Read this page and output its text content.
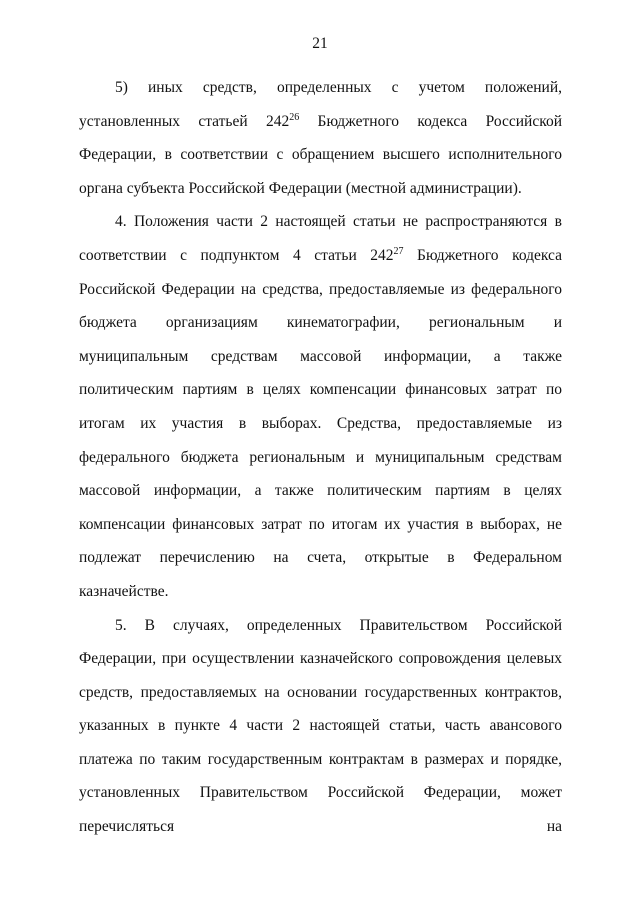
21

5) иных средств, определенных с учетом положений, установленных статьей $242^{26}$ Бюджетного кодекса Российской Федерации, в соответствии с обращением высшего исполнительного органа субъекта Российской Федерации (местной администрации).

4. Положения части 2 настоящей статьи не распространяются в соответствии с подпунктом 4 статьи $242^{27}$ Бюджетного кодекса Российской Федерации на средства, предоставляемые из федерального бюджета организациям кинематографии, региональным и муниципальным средствам массовой информации, а также политическим партиям в целях компенсации финансовых затрат по итогам их участия в выборах. Средства, предоставляемые из федерального бюджета региональным и муниципальным средствам массовой информации, а также политическим партиям в целях компенсации финансовых затрат по итогам их участия в выборах, не подлежат перечислению на счета, открытые в Федеральном казначействе.

5. В случаях, определенных Правительством Российской Федерации, при осуществлении казначейского сопровождения целевых средств, предоставляемых на основании государственных контрактов, указанных в пункте 4 части 2 настоящей статьи, часть авансового платежа по таким государственным контрактам в размерах и порядке, установленных Правительством Российской Федерации, может перечисляться на
